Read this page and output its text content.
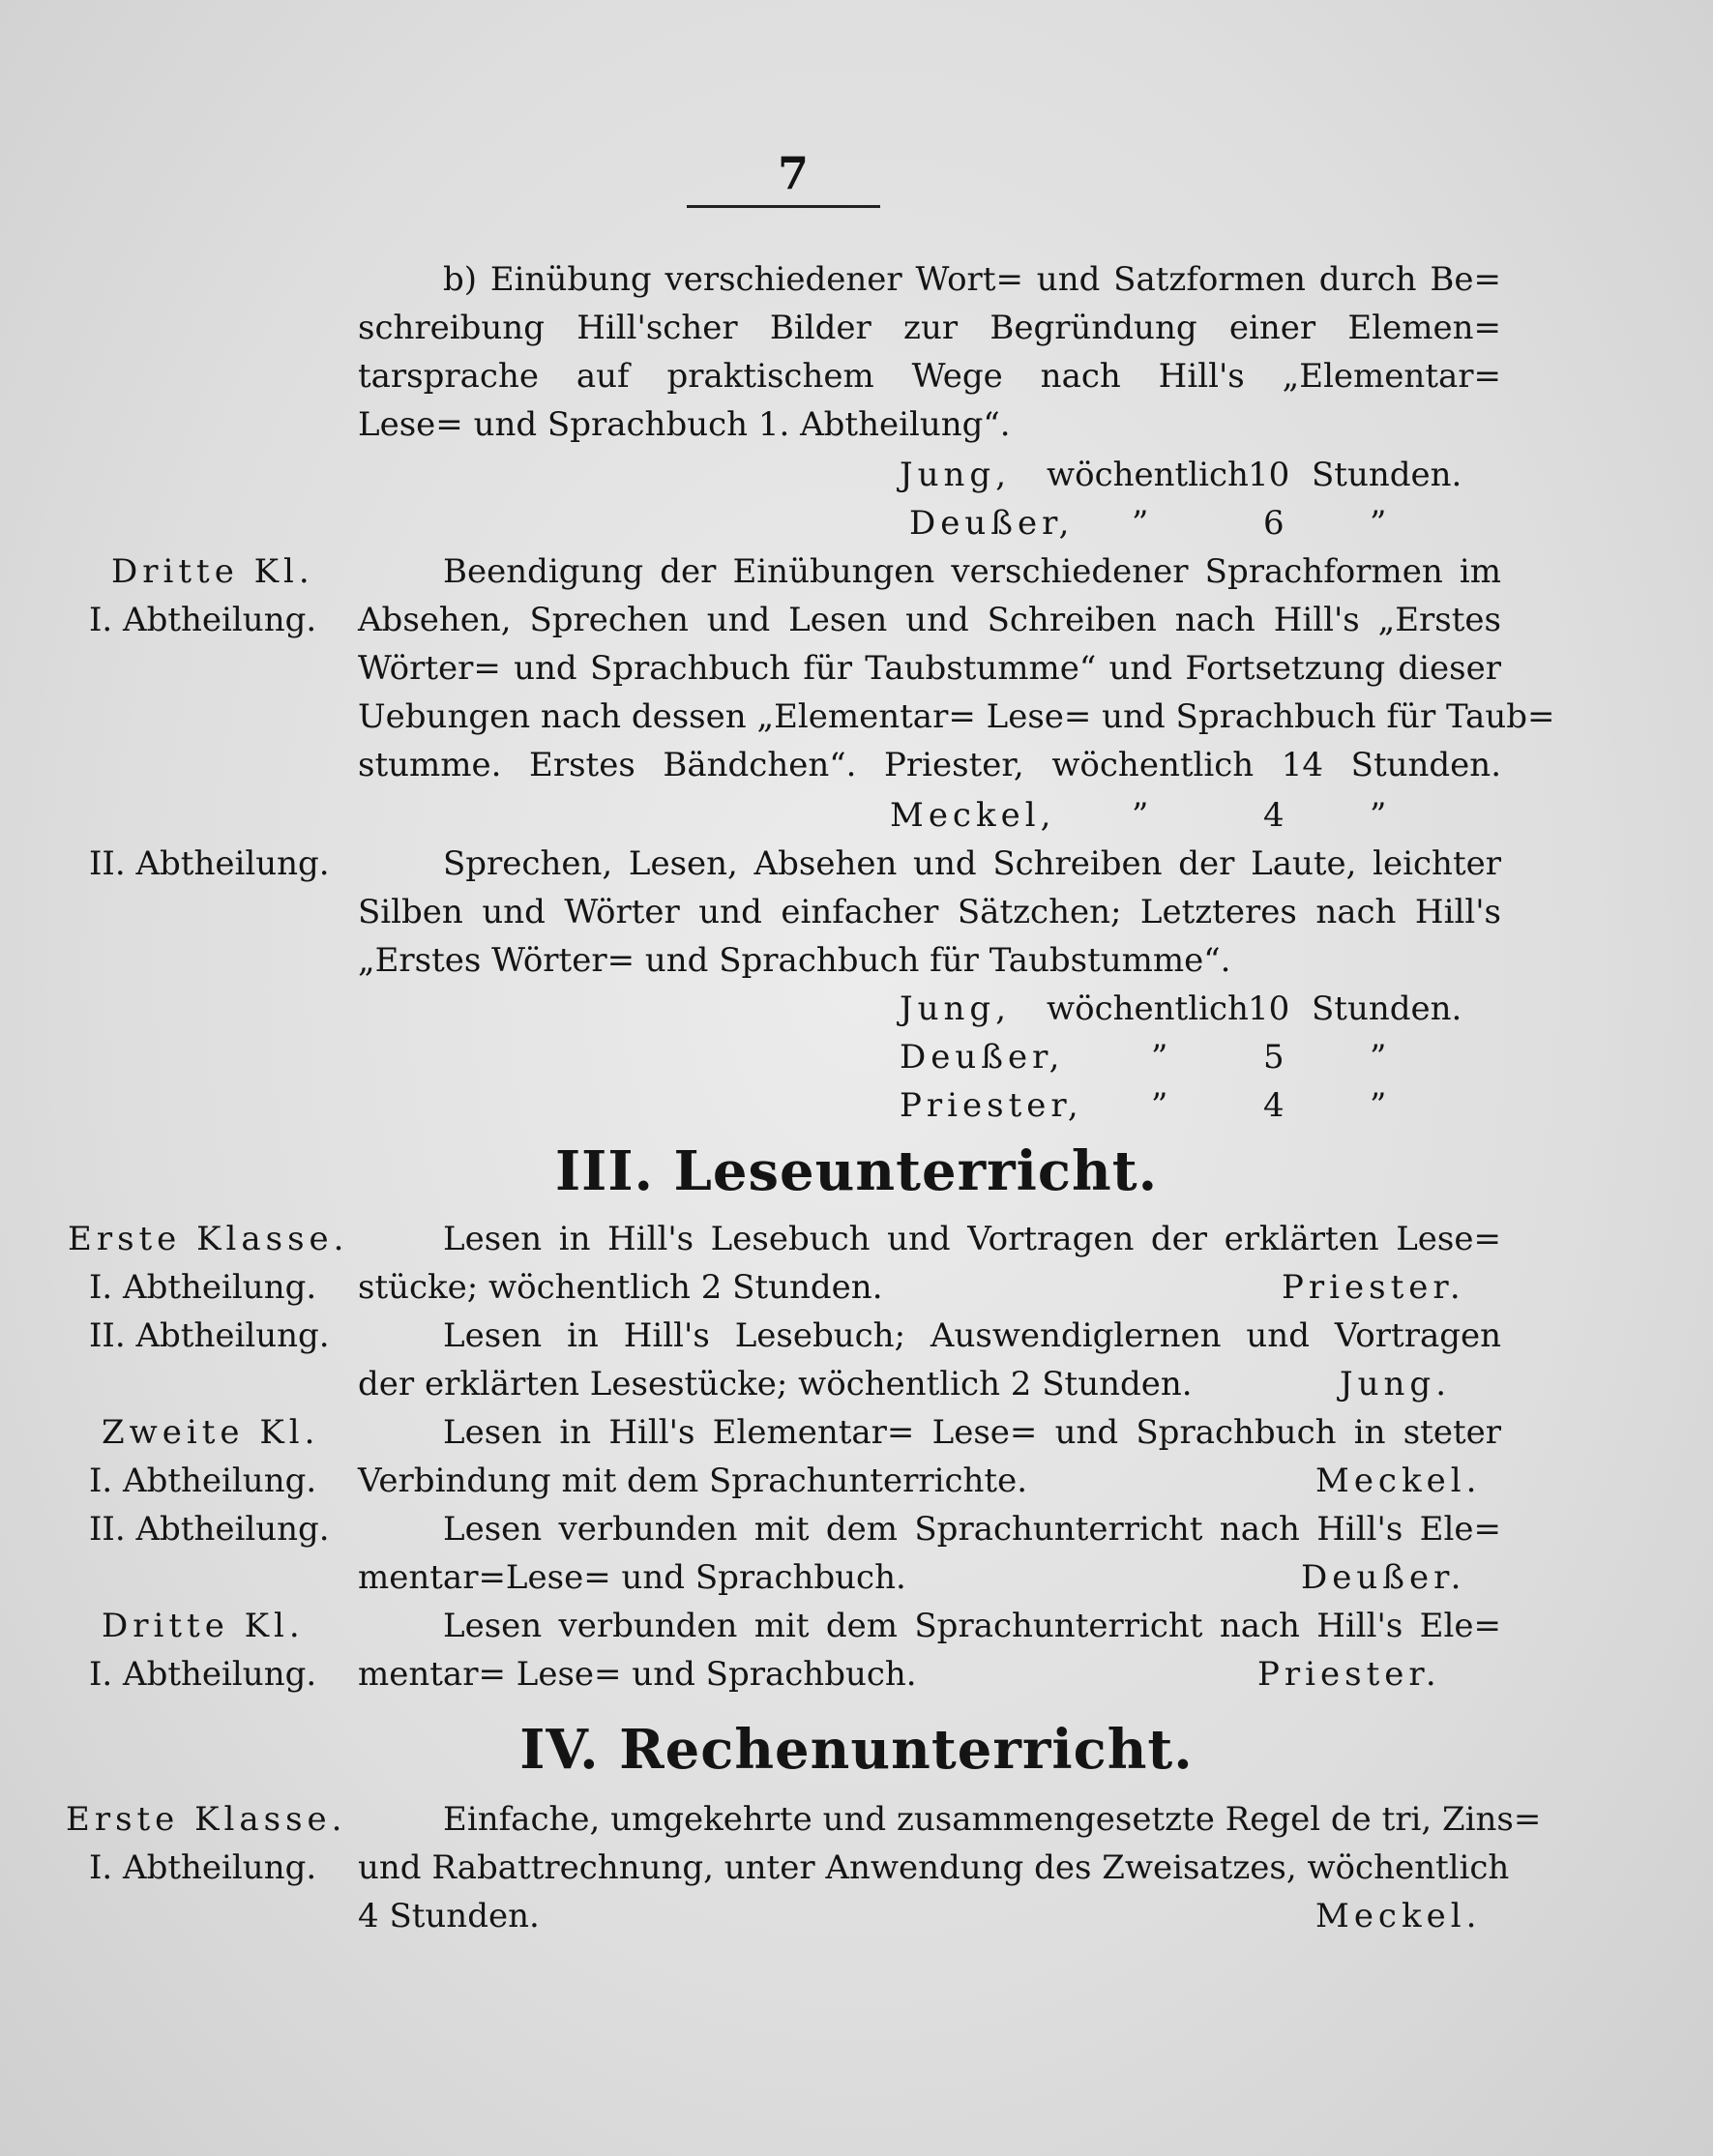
7
b) Einübung verschiedener Wort= und Satzformen durch Be=
schreibung Hill'scher Bilder zur Begründung einer Elemen=
tarsprache auf praktischem Wege nach Hill's „Elementar=
Lese= und Sprachbuch 1. Abtheilung“.
Jung, wöchentlich 10 Stunden.
Deußer, ”	6	”
Dritte Kl.	Beendigung der Einübungen verschiedener Sprachformen im
I. Abtheilung. Absehen, Sprechen und Lesen und Schreiben nach Hill's „Erstes
Wörter= und Sprachbuch für Taubstumme“ und Fortsetzung dieser
Uebungen nach dessen „Elementar= Lese= und Sprachbuch für Taub=
stumme. Erstes Bändchen“. Priester, wöchentlich 14 Stunden.
Meckel, ”	4	”
II. Abtheilung.	Sprechen, Lesen, Absehen und Schreiben der Laute, leichter
Silben und Wörter und einfacher Sätzchen; Letzteres nach Hill's
„Erstes Wörter= und Sprachbuch für Taubstumme“.
Jung, wöchentlich 10 Stunden.
Deußer,	”	5	”
Priester, ”	4	”
III. Leseunterricht.
Erste Klasse.	Lesen in Hill's Lesebuch und Vortragen der erklärten Lese=
I. Abtheilung. stücke; wöchentlich 2 Stunden.	Priester.
II. Abtheilung.	Lesen in Hill's Lesebuch; Auswendiglernen und Vortragen
der erklärten Lesestücke; wöchentlich 2 Stunden.	Jung.
Zweite Kl.	Lesen in Hill's Elementar= Lese= und Sprachbuch in steter
I. Abtheilung. Verbindung mit dem Sprachunterrichte.	Meckel.
II. Abtheilung.	Lesen verbunden mit dem Sprachunterricht nach Hill's Ele=
mentar=Lese= und Sprachbuch.	Deußer.
Dritte Kl.	Lesen verbunden mit dem Sprachunterricht nach Hill's Ele=
I. Abtheilung. mentar= Lese= und Sprachbuch.	Priester.
IV. Rechenunterricht.
Erste Klasse.	Einfache, umgekehrte und zusammengesetzte Regel de tri, Zins=
I. Abtheilung. und Rabattrechnung, unter Anwendung des Zweisatzes, wöchentlich
4 Stunden.	Meckel.
